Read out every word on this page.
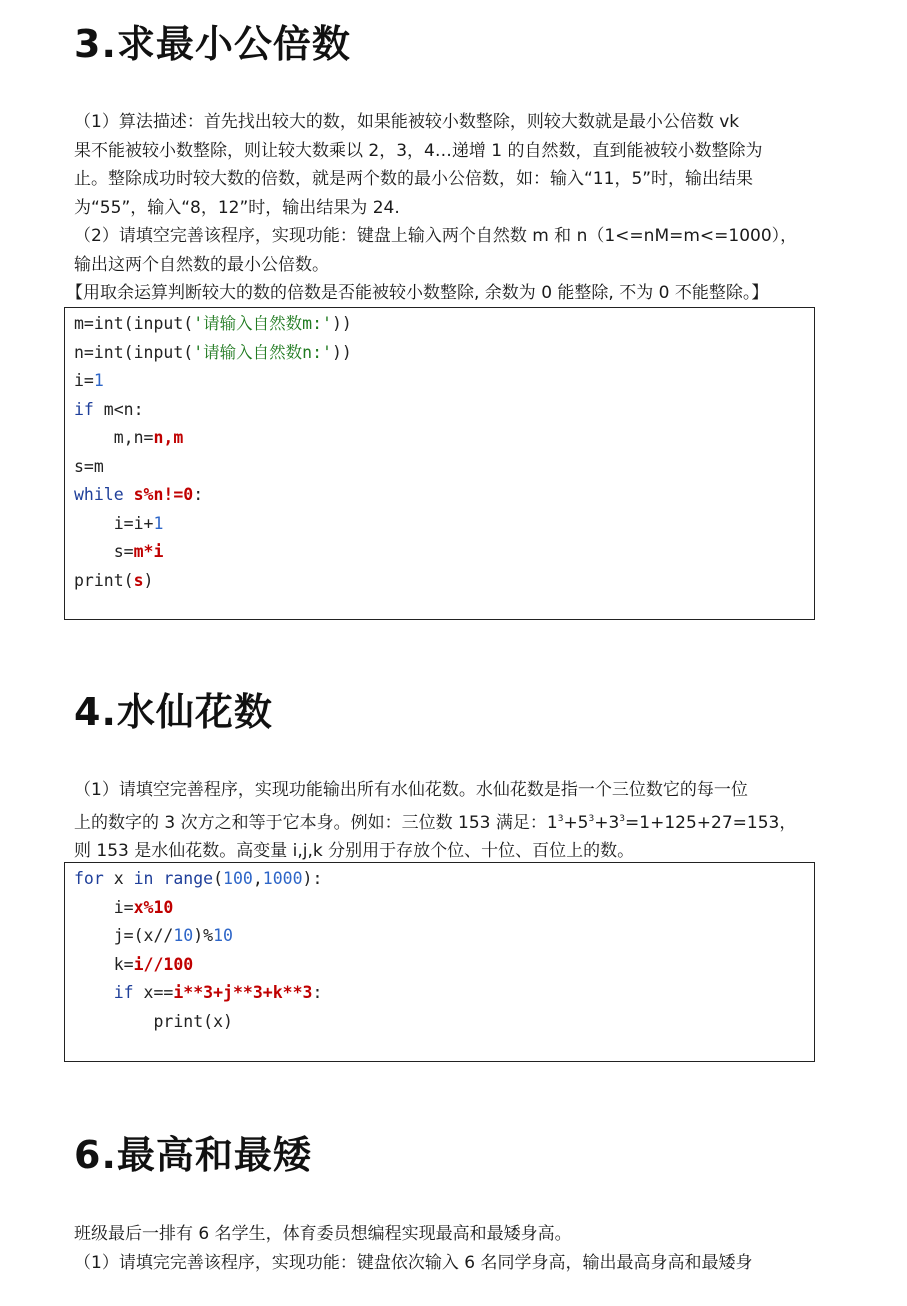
3.求最小公倍数

（1）算法描述：首先找出较大的数，如果能被较小数整除，则较大数就是最小公倍数 vk

果不能被较小数整除，则让较大数乘以 2，3，4…递增 1 的自然数，直到能被较小数整除为

止。整除成功时较大数的倍数，就是两个数的最小公倍数，如：输入“11，5”时，输出结果

为“55”，输入“8，12”时，输出结果为 24.

（2）请填空完善该程序，实现功能：键盘上输入两个自然数 m 和 n（1<=nM=m<=1000），

输出这两个自然数的最小公倍数。

【用取余运算判断较大的数的倍数是否能被较小数整除, 余数为 0 能整除, 不为 0 不能整除。】

m=int(input('请输入自然数m:'))
n=int(input('请输入自然数n:'))
i=1
if m<n:
m,n=n,m
s=m
while s%n!=0:
i=i+1
s=m*i
print(s)
4.水仙花数

（1）请填空完善程序，实现功能输出所有水仙花数。水仙花数是指一个三位数它的每一位

上的数字的 3 次方之和等于它本身。例如：三位数 153 满足：$1^3+5^3+3^3=1+125+27=153$，

则 153 是水仙花数。高变量 i,j,k 分别用于存放个位、十位、百位上的数。

for x in range(100,1000):
i=x%10
j=(x//10)%10
k=i//100
if x==i**3+j**3+k**3:
print(x)
6.最高和最矮

班级最后一排有 6 名学生，体育委员想编程实现最高和最矮身高。

（1）请填完完善该程序，实现功能：键盘依次输入 6 名同学身高，输出最高身高和最矮身
